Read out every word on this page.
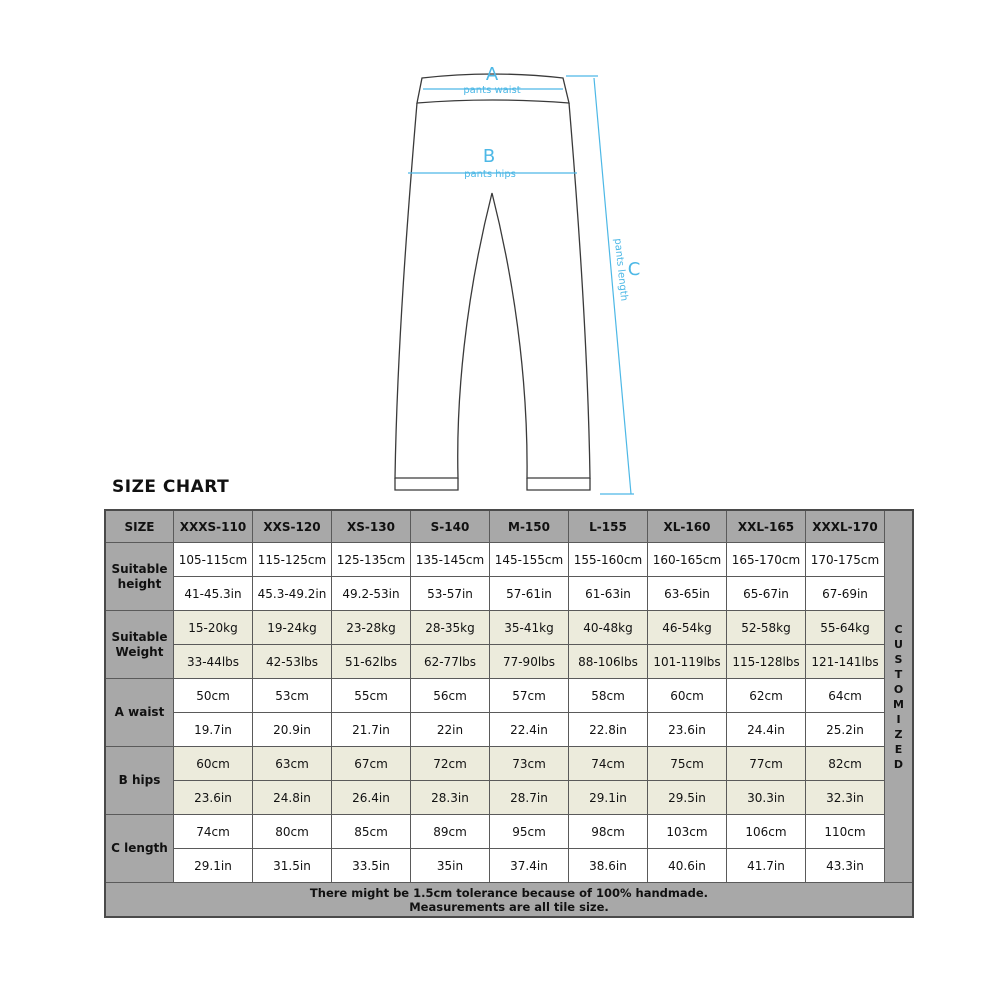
A
pants waist
B
pants hips
C
pants length
SIZE CHART
SIZE	XXXS-110	XXS-120	XS-130	S-140	M-150	L-155	XL-160	XXL-165	XXXL-170	CUSTOMIZED
Suitable height	105-115cm	115-125cm	125-135cm	135-145cm	145-155cm	155-160cm	160-165cm	165-170cm	170-175cm	
	41-45.3in	45.3-49.2in	49.2-53in	53-57in	57-61in	61-63in	63-65in	65-67in	67-69in	
Suitable Weight	15-20kg	19-24kg	23-28kg	28-35kg	35-41kg	40-48kg	46-54kg	52-58kg	55-64kg	
	33-44lbs	42-53lbs	51-62lbs	62-77lbs	77-90lbs	88-106lbs	101-119lbs	115-128lbs	121-141lbs	
A waist	50cm	53cm	55cm	56cm	57cm	58cm	60cm	62cm	64cm	
	19.7in	20.9in	21.7in	22in	22.4in	22.8in	23.6in	24.4in	25.2in	
B hips	60cm	63cm	67cm	72cm	73cm	74cm	75cm	77cm	82cm	
	23.6in	24.8in	26.4in	28.3in	28.7in	29.1in	29.5in	30.3in	32.3in	
C length	74cm	80cm	85cm	89cm	95cm	98cm	103cm	106cm	110cm	
	29.1in	31.5in	33.5in	35in	37.4in	38.6in	40.6in	41.7in	43.3in	

There might be 1.5cm tolerance because of 100% handmade.
Measurements are all tile size.										
